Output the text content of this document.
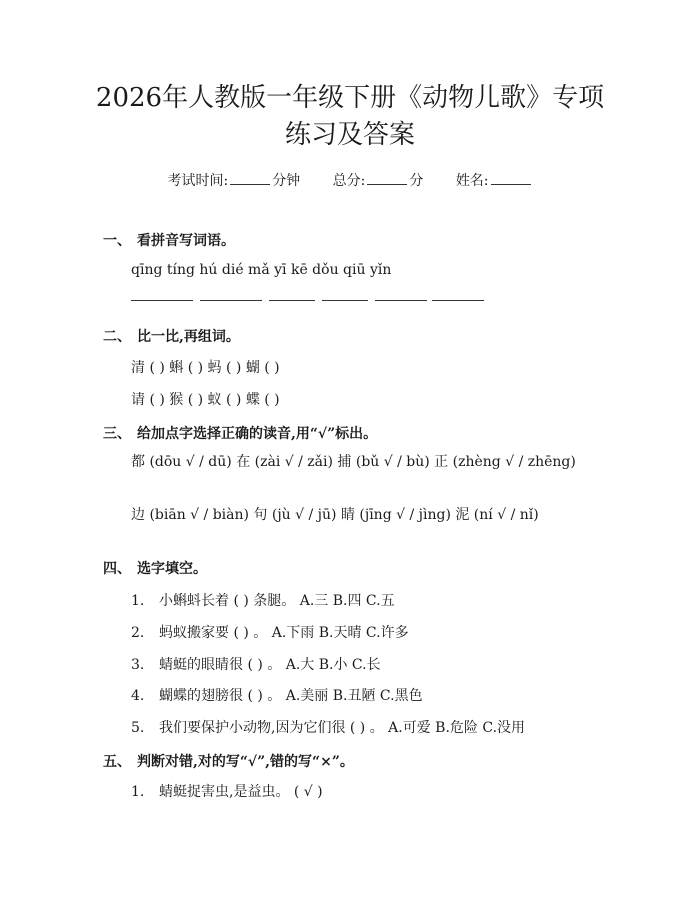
2026年人教版一年级下册《动物儿歌》专项
练习及答案
考试时间:	分钟 总分:	分 姓名:
一、 看拼音写词语。
qīng tíng hú dié mǎ yī kē dǒu qiū yǐn
二、 比一比,再组词。
清 ( ) 蝌 ( ) 蚂 ( ) 蝴 ( )
请 ( ) 猴 ( ) 蚁 ( ) 蝶 ( )
三、 给加点字选择正确的读音,用“√”标出。
都 (dōu √ / dū) 在 (zài √ / zǎi) 捕 (bǔ √ / bù) 正 (zhèng √ / zhēng)
边 (biān √ / biàn) 句 (jù √ / jū) 睛 (jīng √ / jìng) 泥 (ní √ / nǐ)
四、 选字填空。
1. 小蝌蚪长着 ( ) 条腿。 A.三 B.四 C.五
2. 蚂蚁搬家要 ( ) 。 A.下雨 B.天晴 C.许多
3. 蜻蜓的眼睛很 ( ) 。 A.大 B.小 C.长
4. 蝴蝶的翅膀很 ( ) 。 A.美丽 B.丑陋 C.黑色
5. 我们要保护小动物,因为它们很 ( ) 。 A.可爱 B.危险 C.没用
五、 判断对错,对的写“√”,错的写“×”。
1. 蜻蜓捉害虫,是益虫。 ( √ )
